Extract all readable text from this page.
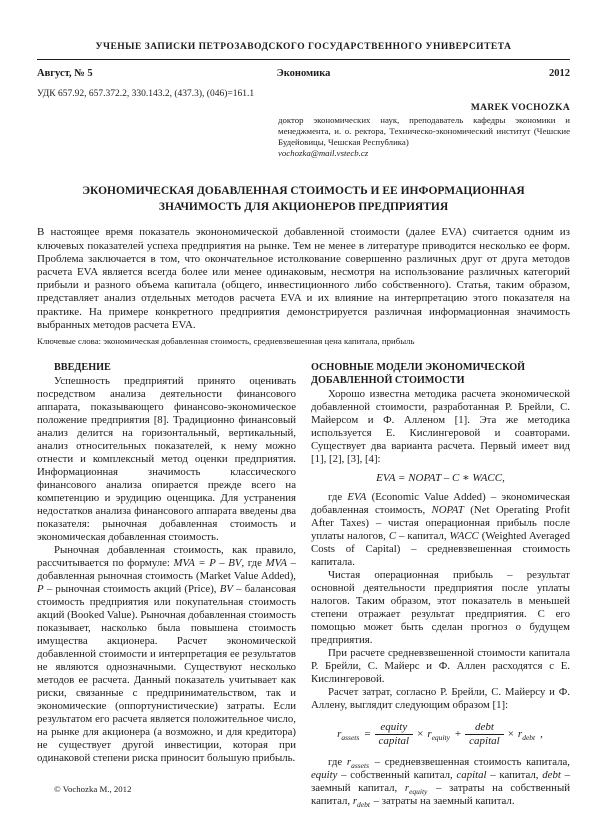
УЧЕНЫЕ ЗАПИСКИ ПЕТРОЗАВОДСКОГО ГОСУДАРСТВЕННОГО УНИВЕРСИТЕТА
Август, № 5	Экономика	2012
УДК 657.92, 657.372.2, 330.143.2, (437.3), (046)=161.1
MAREK VOCHOZKA
доктор экономических наук, преподаватель кафедры экономики и менеджмента, и. о. ректора, Техническо-экономический институт (Чешские Будейовицы, Чешская Республика)
vochozka@mail.vstecb.cz
ЭКОНОМИЧЕСКАЯ ДОБАВЛЕННАЯ СТОИМОСТЬ И ЕЕ ИНФОРМАЦИОННАЯ ЗНАЧИМОСТЬ ДЛЯ АКЦИОНЕРОВ ПРЕДПРИЯТИЯ
В настоящее время показатель эконономической добавленной стоимости (далее EVA) считается одним из ключевых показателей успеха предприятия на рынке. Тем не менее в литературе приводится несколько ее форм. Проблема заключается в том, что окончательное истолкование совершенно различных друг от друга методов расчета EVA является всегда более или менее одинаковым, несмотря на использование различных категорий прибыли и разного объема капитала (общего, инвестиционного либо собственного). Статья, таким образом, представляет анализ отдельных методов расчета EVA и их влияние на интерпретацию этого показателя на практике. На примере конкретного предприятия демонстрируется различная информационная значимость выбранных методов расчета EVA.
Ключевые слова: экономическая добавленная стоимость, средневзвешенная цена капитала, прибыль
ВВЕДЕНИЕ

Успешность предприятий принято оценивать посредством анализа деятельности финансового аппарата, показывающего финансово-экономическое положение предприятия [8]. Традиционно финансовый анализ делится на горизонтальный, вертикальный, анализ относительных показателей, к нему можно отнести и комплексный метод оценки предприятия. Информационная значимость классического финансового анализа опирается прежде всего на компетенцию и эрудицию оценщика. Для устранения недостатков анализа финансового аппарата введены два показателя: рыночная добавленная стоимость и экономическая добавленная стоимость.

Рыночная добавленная стоимость, как правило, рассчитывается по формуле: MVA = P – BV, где MVA – добавленная рыночная стоимость (Market Value Added), P – рыночная стоимость акций (Price), BV – балансовая стоимость предприятия или покупательная стоимость акций (Booked Value). Рыночная добавленная стоимость показывает, насколько была повышена стоимость имущества акционера. Расчет экономической добавленной стоимости и интерпретация ее результатов не являются однозначными. Существуют несколько методов ее расчета. Данный показатель учитывает как риски, связанные с предпринимательством, так и экономические (оппортунистические) затраты. Если результатом его расчета является положительное число, на рынке для акционера (а возможно, и для кредитора) не существует другой инвестиции, которая при одинаковой степени риска приносит большую прибыль.

© Vochozka М., 2012
ОСНОВНЫЕ МОДЕЛИ ЭКОНОМИЧЕСКОЙ ДОБАВЛЕННОЙ СТОИМОСТИ

Хорошо известна методика расчета экономической добавленной стоимости, разработанная Р. Брейли, С. Майерсом и Ф. Алленом [1]. Эта же методика используется Е. Кислингеровой и соавторами. Существует два варианта расчета. Первый имеет вид [1], [2], [3], [4]:

EVA = NOPAT – C ∗ WACC,

где EVA (Economic Value Added) – экономическая добавленная стоимость, NOPAT (Net Operating Profit After Taxes) – чистая операционная прибыль после уплаты налогов, C – капитал, WACC (Weighted Averaged Costs of Capital) – средневзвешенная стоимость капитала.

Чистая операционная прибыль – результат основной деятельности предприятия после уплаты налогов. Таким образом, этот показатель в меньшей степени отражает результат предприятия. С его помощью может быть сделан прогноз о будущем предприятия.

При расчете средневзвешенной стоимости капитала Р. Брейли, С. Майерс и Ф. Аллен расходятся с Е. Кислингеровой.

Расчет затрат, согласно Р. Брейли, С. Майерсу и Ф. Аллену, выглядит следующим образом [1]:

$r_{assets} = \frac{\text{equity}}{\text{capital}} \times r_{equity} + \frac{\text{debt}}{\text{capital}} \times r_{debt}$ ,

где $r_{assets}$ – средневзвешенная стоимость капитала, equity – собственный капитал, capital – капитал, debt – заемный капитал, $r_{equity}$ – затраты на собственный капитал, $r_{debt}$ – затраты на заемный капитал.
